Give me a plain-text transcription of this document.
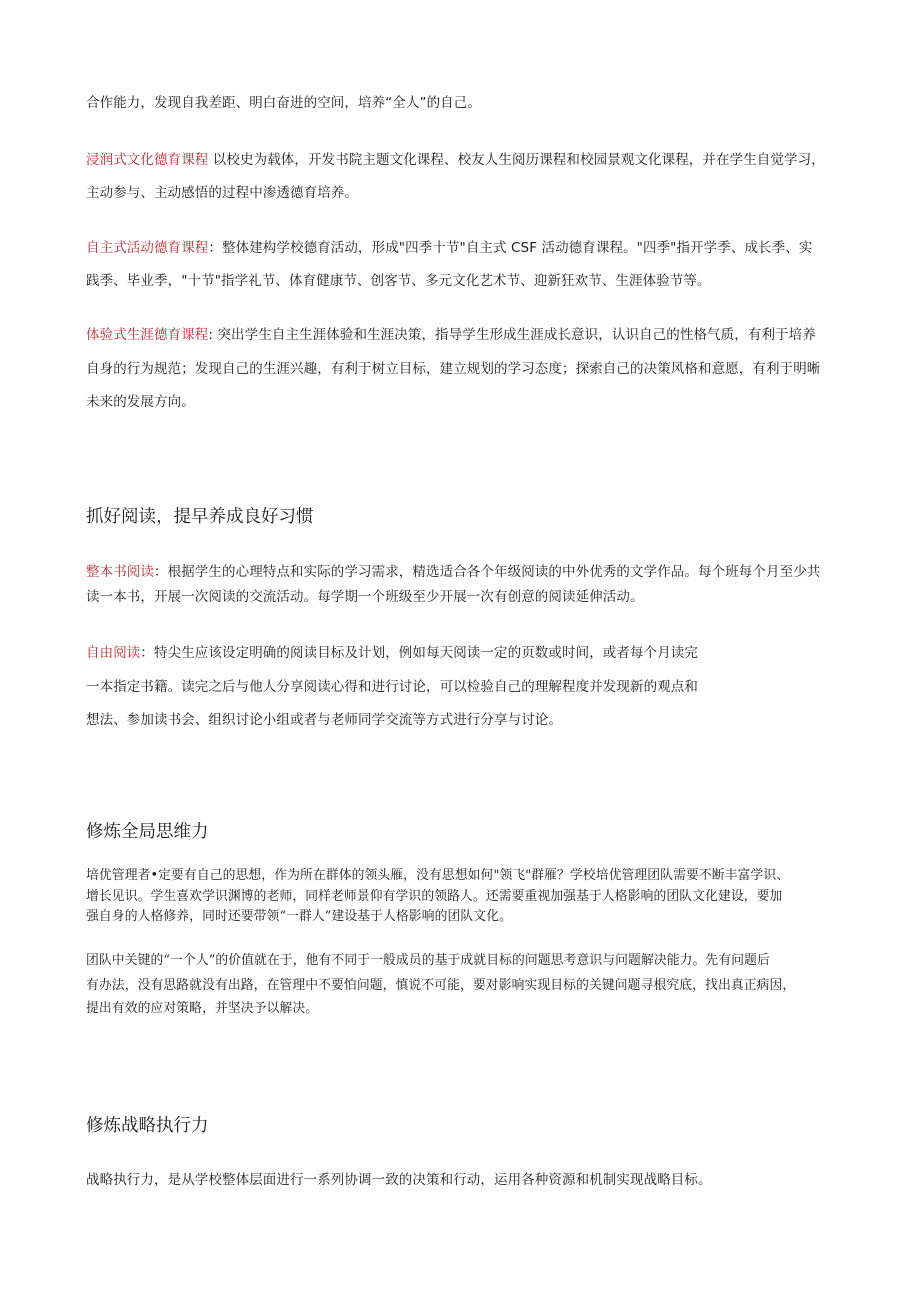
合作能力，发现自我差距、明白奋进的空间，培养“全人”的自己。
浸润式文化德育课程 以校史为载体，开发书院主题文化课程、校友人生阅历课程和校园景观文化课程，并在学生自觉学习，
主动参与、主动感悟的过程中渗透德育培养。
自主式活动德育课程：整体建构学校德育活动，形成"四季十节"自主式 CSF 活动德育课程。"四季"指开学季、成长季、实
践季、毕业季，"十节"指学礼节、体育健康节、创客节、多元文化艺术节、迎新狂欢节、生涯体验节等。
体验式生涯德育课程: 突出学生自主生涯体验和生涯决策，指导学生形成生涯成长意识，认识自己的性格气质，有利于培养
自身的行为规范；发现自己的生涯兴趣，有利于树立目标，建立规划的学习态度；探索自己的决策风格和意愿，有利于明晰
未来的发展方向。
抓好阅读，提早养成良好习惯
整本书阅读：根据学生的心理特点和实际的学习需求，精选适合各个年级阅读的中外优秀的文学作品。每个班每个月至少共
读一本书，开展一次阅读的交流活动。每学期一个班级至少开展一次有创意的阅读延伸活动。
自由阅读：特尖生应该设定明确的阅读目标及计划，例如每天阅读一定的页数或时间，或者每个月读完
一本指定书籍。读完之后与他人分享阅读心得和进行讨论，可以检验自己的理解程度并发现新的观点和
想法、参加读书会、组织讨论小组或者与老师同学交流等方式进行分享与讨论。
修炼全局思维力
培优管理者•定要有自己的思想，作为所在群体的领头雁，没有思想如何"领飞"群雁？学校培优管理团队需要不断丰富学识、
增长见识。学生喜欢学识渊博的老师，同样老师景仰有学识的领路人。还需要重视加强基于人格影响的团队文化建设，要加
强自身的人格修养，同时还要带领“一群人”建设基于人格影响的团队文化。
团队中关键的“一个人”的价值就在于，他有不同于一般成员的基于成就目标的问题思考意识与问题解决能力。先有问题后
有办法，没有思路就没有出路，在管理中不要怕问题，慎说不可能，要对影响实现目标的关键问题寻根究底，找出真正病因，
提出有效的应对策略，并坚决予以解决。
修炼战略执行力
战略执行力，是从学校整体层面进行一系列协调一致的决策和行动，运用各种资源和机制实现战略目标。
